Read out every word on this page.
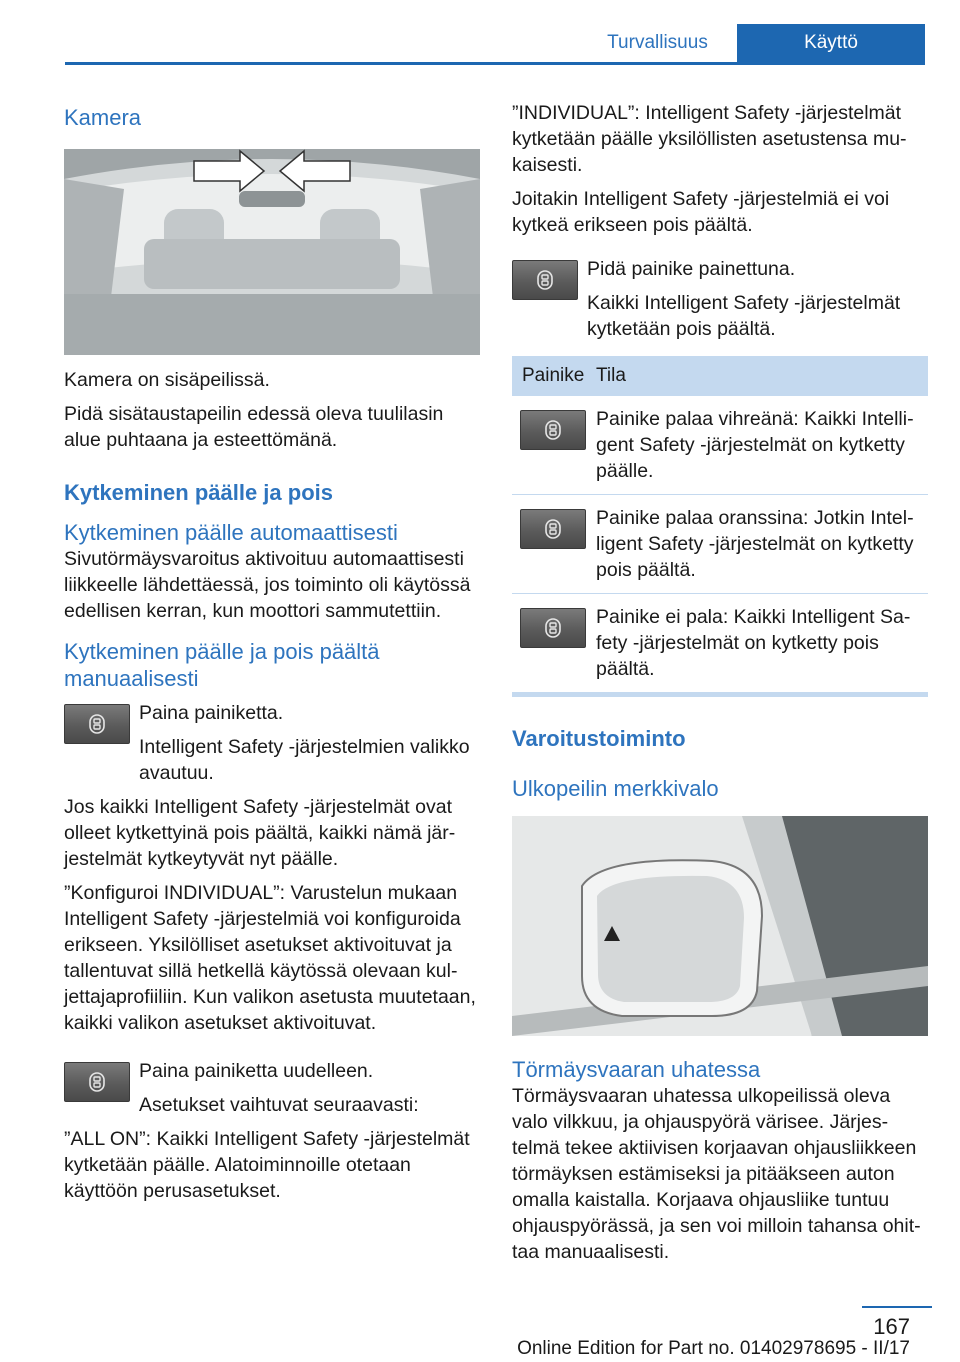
Turvallisuus	Käyttö
Kamera

Kamera on sisäpeilissä.

Pidä sisätaustapeilin edessä oleva tuulilasin alue puhtaana ja esteettömänä.

Kytkeminen päälle ja pois
Kytkeminen päälle automaattisesti

Sivutörmäysvaroitus aktivoituu automaattisesti liikkeelle lähdettäessä, jos toiminto oli käytössä edellisen kerran, kun moottori sammutettiin.

Kytkeminen päälle ja pois päältä manuaalisesti

Paina painiketta.

Intelligent Safety -järjestelmien valikko avautuu.

Jos kaikki Intelligent Safety -järjestelmät ovat olleet kytkettyinä pois päältä, kaikki nämä järjestelmät kytkeytyvät nyt päälle.

”Konfiguroi INDIVIDUAL”: Varustelun mukaan Intelligent Safety -järjestelmiä voi konfiguroida erikseen. Yksilölliset asetukset aktivoituvat ja tallentuvat sillä hetkellä käytössä olevaan kuljettajaprofiiliin. Kun valikon asetusta muutetaan, kaikki valikon asetukset aktivoituvat.

Paina painiketta uudelleen.

Asetukset vaihtuvat seuraavasti:

”ALL ON”: Kaikki Intelligent Safety -järjestelmät kytketään päälle. Alatoiminnoille otetaan käyttöön perusasetukset.

”INDIVIDUAL”: Intelligent Safety -järjestelmät kytketään päälle yksilöllisten asetustensa mukaisesti.

Joitakin Intelligent Safety -järjestelmiä ei voi kytkeä erikseen pois päältä.

Pidä painike painettuna.

Kaikki Intelligent Safety -järjestelmät kytketään pois päältä.

Painike	Tila

	Painike palaa vihreänä: Kaikki Intelligent Safety -järjestelmät on kytketty päälle.

	Painike palaa oranssina: Jotkin Intelligent Safety -järjestelmät on kytketty pois päältä.

	Painike ei pala: Kaikki Intelligent Safety -järjestelmät on kytketty pois päältä.
Varoitustoiminto
Ulkopeilin merkkivalo
Törmäysvaaran uhatessa

Törmäysvaaran uhatessa ulkopeilissä oleva valo vilkkuu, ja ohjauspyörä värisee. Järjestelmä tekee aktiivisen korjaavan ohjausliikkeen törmäyksen estämiseksi ja pitääkseen auton omalla kaistalla. Korjaava ohjausliike tuntuu ohjauspyörässä, ja sen voi milloin tahansa ohittaa manuaalisesti.

167
Online Edition for Part no. 01402978695 - II/17
